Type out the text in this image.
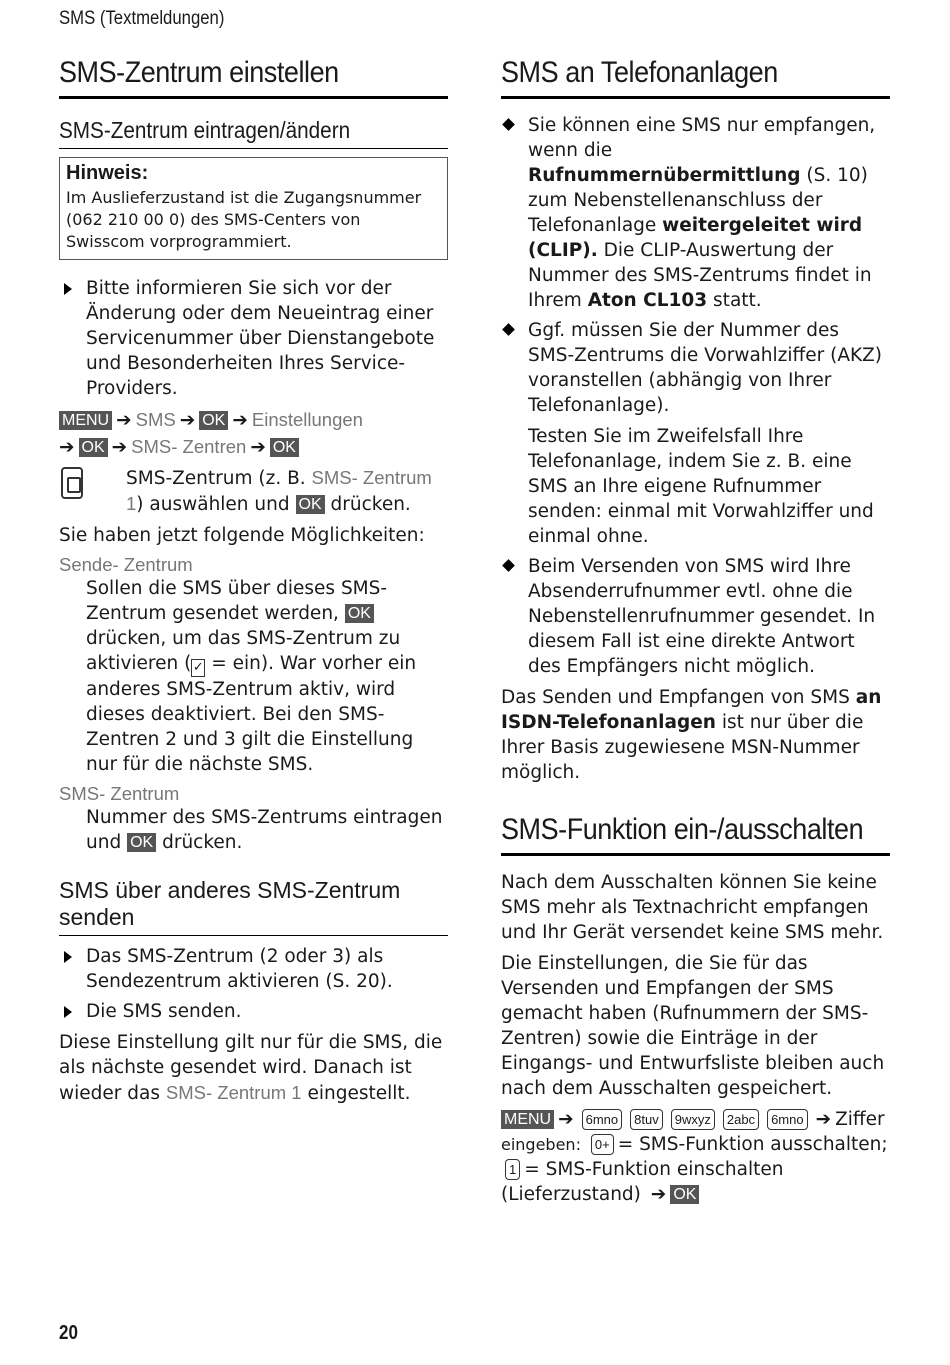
SMS (Textmeldungen)
SMS-Zentrum einstellen
SMS-Zentrum eintragen/ändern
Hinweis:
Im Auslieferzustand ist die Zugangsnummer (062 210 00 0) des SMS-Centers von Swisscom vorprogrammiert.
Bitte informieren Sie sich vor der Änderung oder dem Neueintrag einer Servicenummer über Dienstangebote und Besonderheiten Ihres Service-Providers.
MENU ➔ SMS ➔ OK ➔ Einstellungen
➔ OK ➔ SMS- Zentren ➔ OK

SMS-Zentrum (z. B. SMS- Zentrum 1) auswählen und OK drücken.

Sie haben jetzt folgende Möglichkeiten:

Sende- Zentrum

Sollen die SMS über dieses SMS-Zentrum gesendet werden, OK drücken, um das SMS-Zentrum zu aktivieren ( ✓ = ein). War vorher ein anderes SMS-Zentrum aktiv, wird dieses deaktiviert. Bei den SMS-Zentren 2 und 3 gilt die Einstellung nur für die nächste SMS.

SMS- Zentrum

Nummer des SMS-Zentrums eintragen und OK drücken.

SMS über anderes SMS-Zentrum senden
Das SMS-Zentrum (2 oder 3) als Sendezentrum aktivieren (S. 20).
Die SMS senden.

Diese Einstellung gilt nur für die SMS, die als nächste gesendet wird. Danach ist wieder das SMS- Zentrum 1 eingestellt.

SMS an Telefonanlagen
Sie können eine SMS nur empfangen, wenn die Rufnummernübermittlung (S. 10) zum Nebenstellenanschluss der Telefonanlage weitergeleitet wird (CLIP). Die CLIP-Auswertung der Nummer des SMS-Zentrums findet in Ihrem Aton CL103 statt.
Ggf. müssen Sie der Nummer des SMS-Zentrums die Vorwahlziffer (AKZ) voranstellen (abhängig von Ihrer Telefonanlage).

Testen Sie im Zweifelsfall Ihre Telefonanlage, indem Sie z. B. eine SMS an Ihre eigene Rufnummer senden: einmal mit Vorwahlziffer und einmal ohne.

Beim Versenden von SMS wird Ihre Absenderrufnummer evtl. ohne die Nebenstellenrufnummer gesendet. In diesem Fall ist eine direkte Antwort des Empfängers nicht möglich.

Das Senden und Empfangen von SMS an ISDN-Telefonanlagen ist nur über die Ihrer Basis zugewiesene MSN-Nummer möglich.

SMS-Funktion ein-/ausschalten

Nach dem Ausschalten können Sie keine SMS mehr als Textnachricht empfangen und Ihr Gerät versendet keine SMS mehr.

Die Einstellungen, die Sie für das Versenden und Empfangen der SMS gemacht haben (Rufnummern der SMS-Zentren) sowie die Einträge in der Eingangs- und Entwurfsliste bleiben auch nach dem Ausschalten gespeichert.

MENU ➔ 6mno 8tuv 9wxyz 2abc 6mno ➔ Ziffer
eingeben: 0+ = SMS-Funktion ausschalten; 1 = SMS-Funktion einschalten (Lieferzustand) ➔ OK

20
